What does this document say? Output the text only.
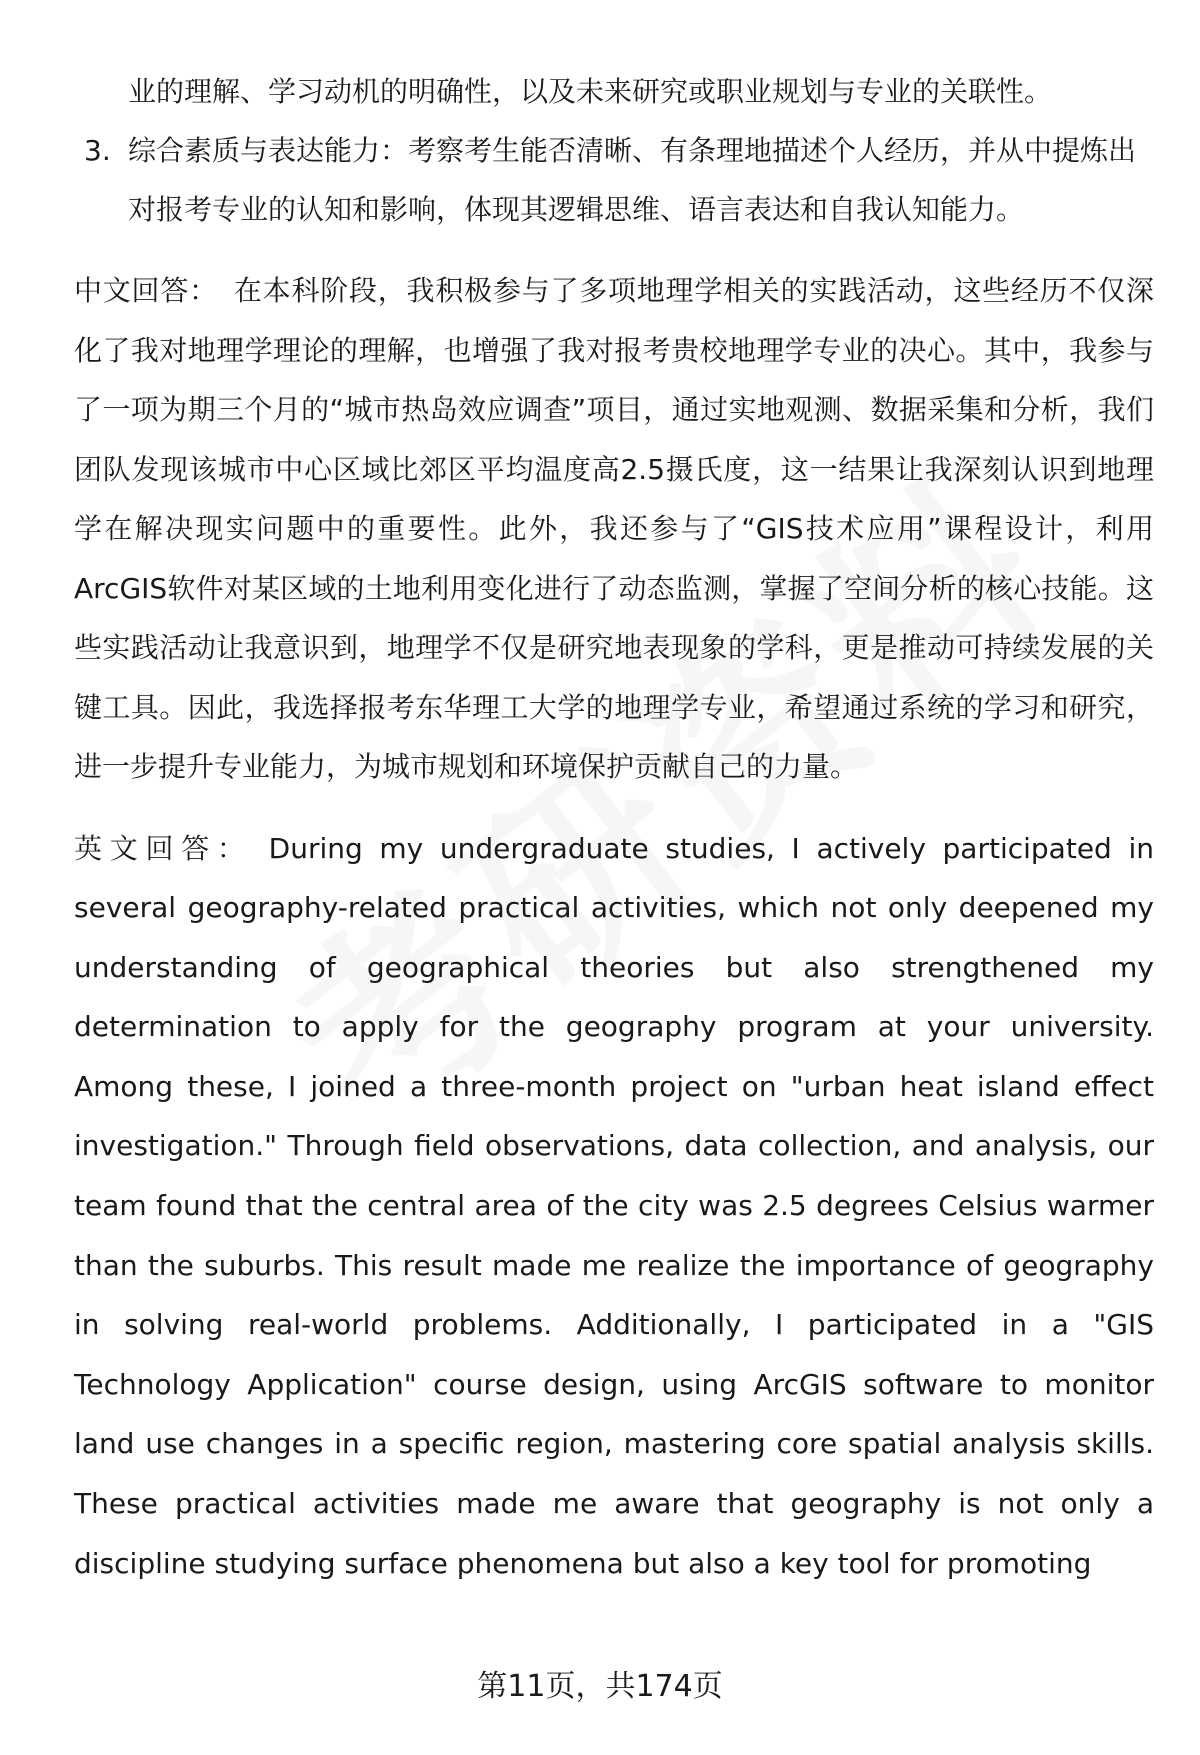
业的理解、学习动机的明确性，以及未来研究或职业规划与专业的关联性。

3. 综合素质与表达能力：考察考生能否清晰、有条理地描述个人经历，并从中提炼出对报考专业的认知和影响，体现其逻辑思维、语言表达和自我认知能力。

中文回答： 在本科阶段，我积极参与了多项地理学相关的实践活动，这些经历不仅深化了我对地理学理论的理解，也增强了我对报考贵校地理学专业的决心。其中，我参与了一项为期三个月的“城市热岛效应调查”项目，通过实地观测、数据采集和分析，我们团队发现该城市中心区域比郊区平均温度高2.5摄氏度，这一结果让我深刻认识到地理学在解决现实问题中的重要性。此外，我还参与了“GIS技术应用”课程设计，利用ArcGIS软件对某区域的土地利用变化进行了动态监测，掌握了空间分析的核心技能。这些实践活动让我意识到，地理学不仅是研究地表现象的学科，更是推动可持续发展的关键工具。因此，我选择报考东华理工大学的地理学专业，希望通过系统的学习和研究，进一步提升专业能力，为城市规划和环境保护贡献自己的力量。

英文回答： During my undergraduate studies, I actively participated in several geography-related practical activities, which not only deepened my understanding of geographical theories but also strengthened my determination to apply for the geography program at your university. Among these, I joined a three-month project on "urban heat island effect investigation." Through field observations, data collection, and analysis, our team found that the central area of the city was 2.5 degrees Celsius warmer than the suburbs. This result made me realize the importance of geography in solving real-world problems. Additionally, I participated in a "GIS Technology Application" course design, using ArcGIS software to monitor land use changes in a specific region, mastering core spatial analysis skills. These practical activities made me aware that geography is not only a discipline studying surface phenomena but also a key tool for promoting

第11页，共174页
